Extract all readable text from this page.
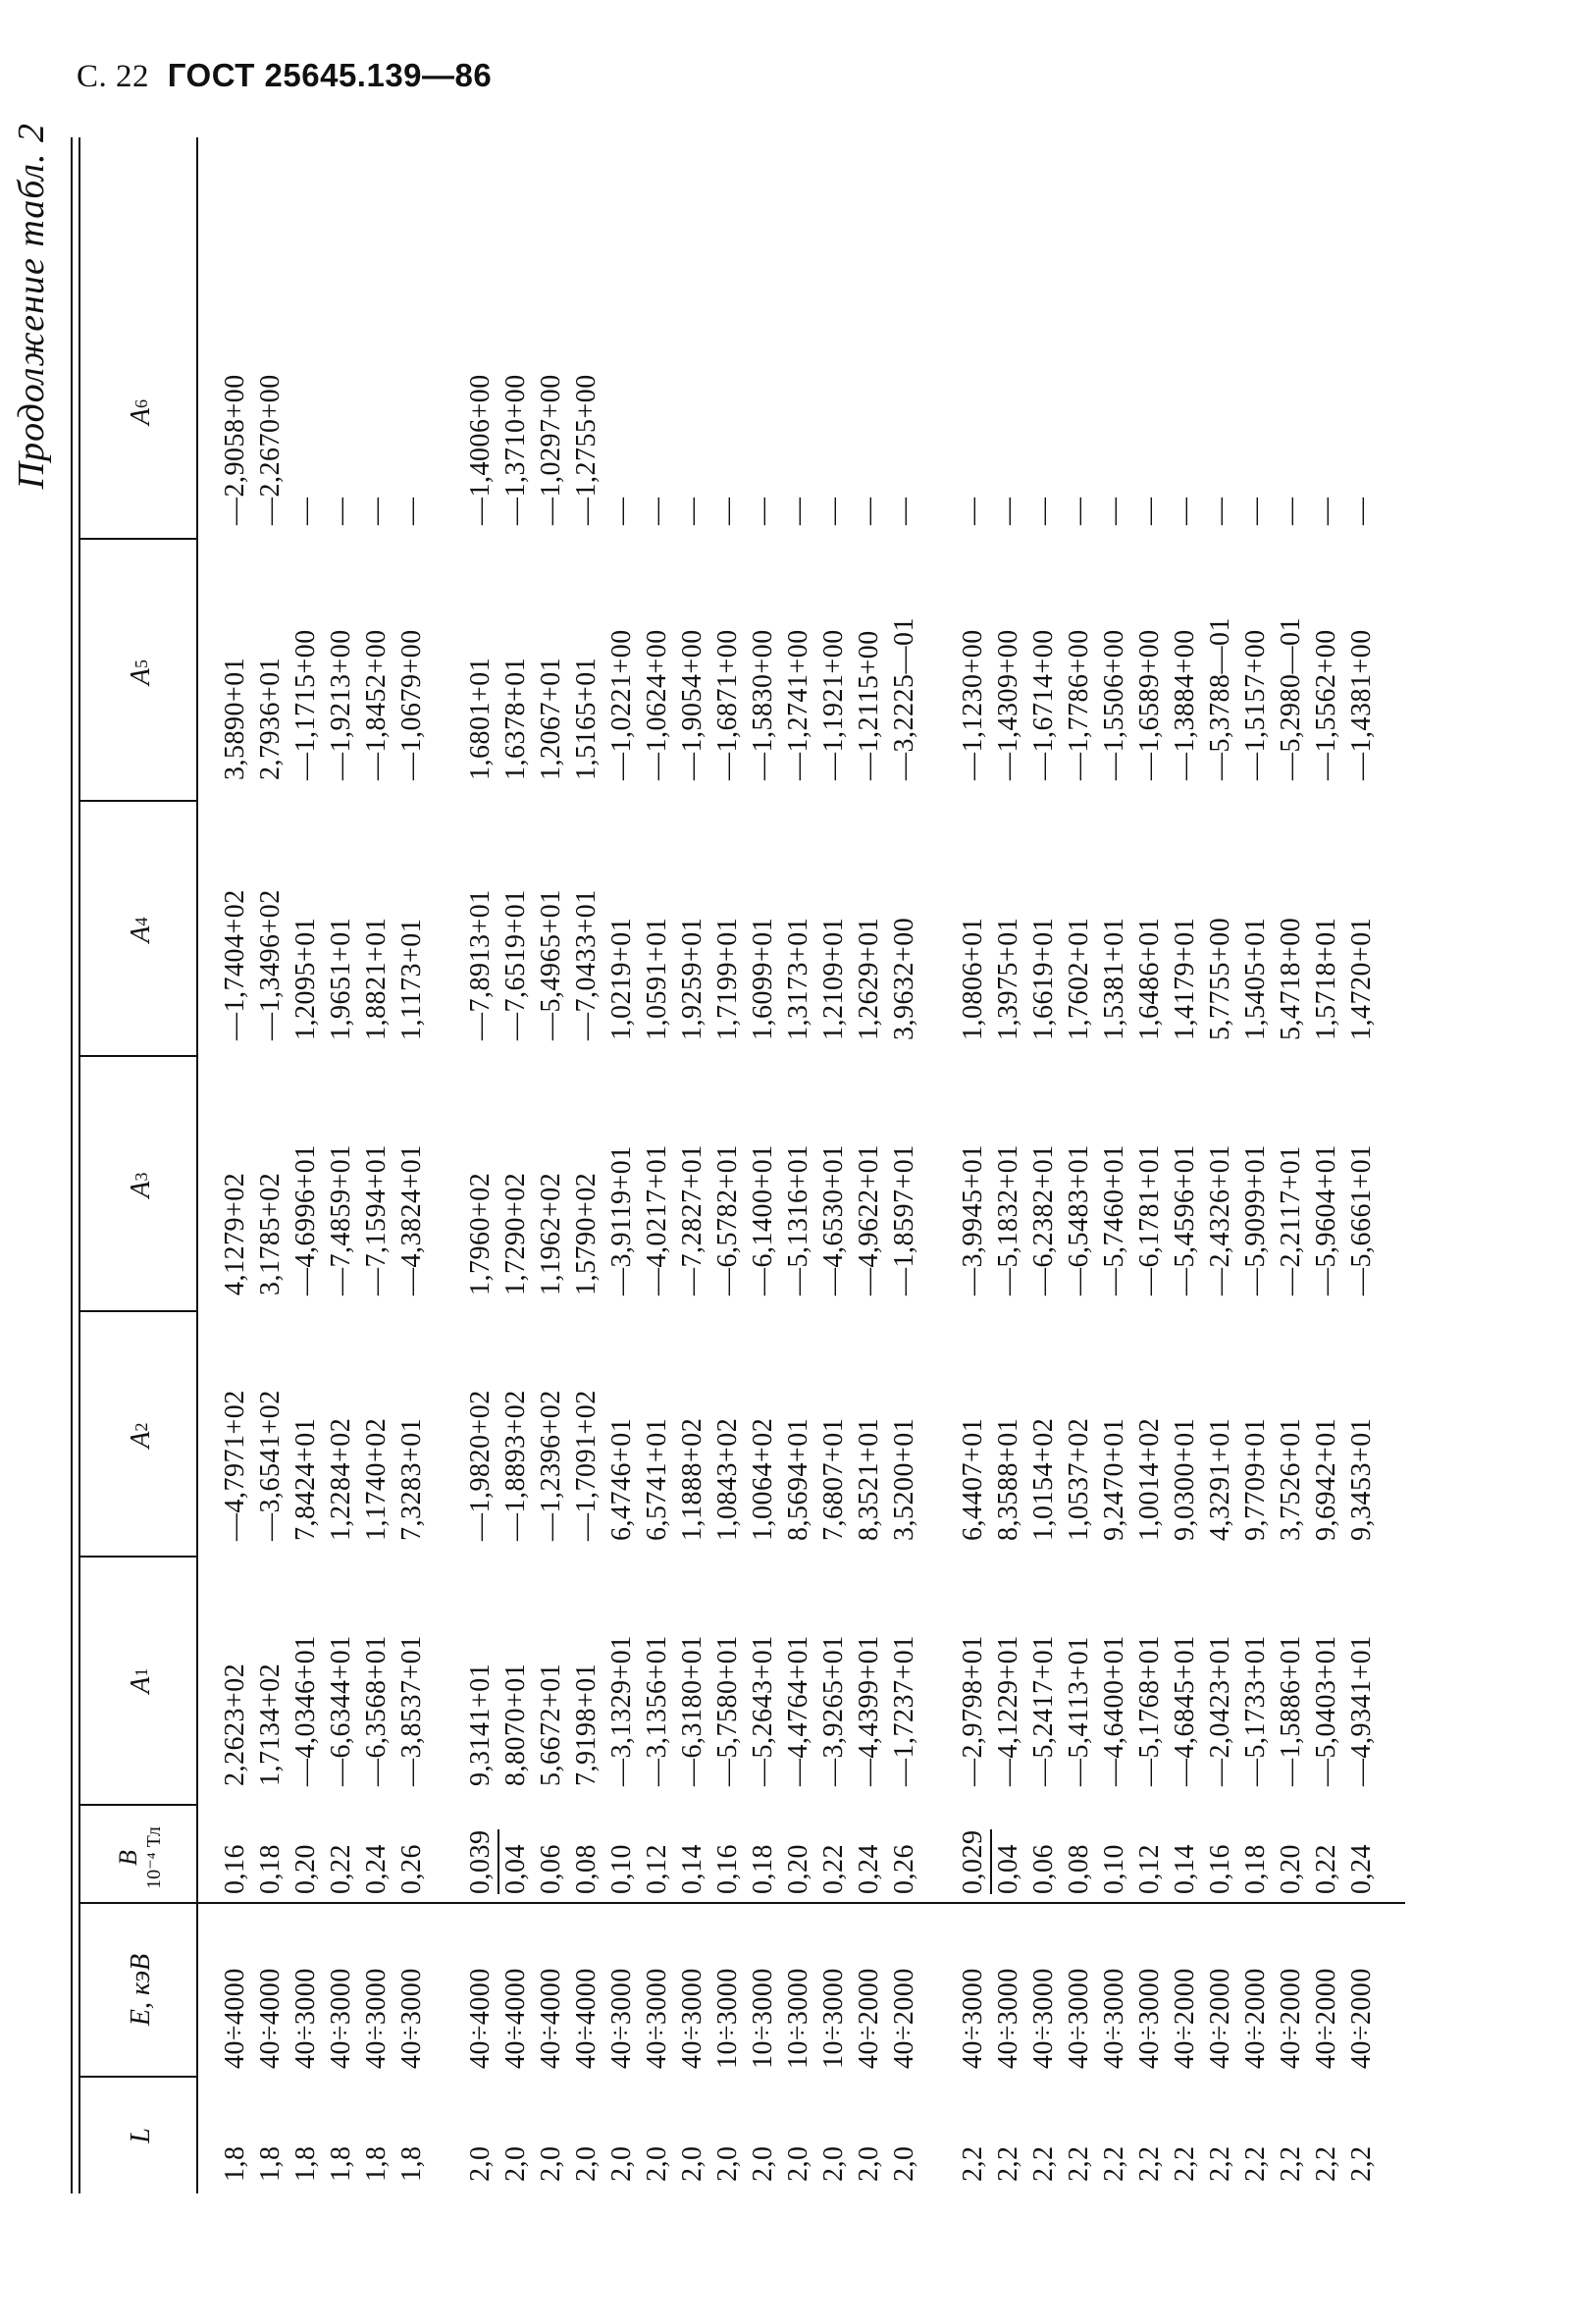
С. 22 ГОСТ 25645.139—86
Продолжение табл. 2
L
E, кэВ
B 10⁻⁴ Тл
A
1
A
2
A
3
A
4
A
5
A
6
1,8
40÷4000
0,16
2,2623+02
—4,7971+02
4,1279+02
—1,7404+02
3,5890+01
—2,9058+00
1,8
40÷4000
0,18
1,7134+02
—3,6541+02
3,1785+02
—1,3496+02
2,7936+01
—2,2670+00
1,8
40÷3000
0,20
—4,0346+01
7,8424+01
—4,6996+01
1,2095+01
—1,1715+00
—
1,8
40÷3000
0,22
—6,6344+01
1,2284+02
—7,4859+01
1,9651+01
—1,9213+00
—
1,8
40÷3000
0,24
—6,3568+01
1,1740+02
—7,1594+01
1,8821+01
—1,8452+00
—
1,8
40÷3000
0,26
—3,8537+01
7,3283+01
—4,3824+01
1,1173+01
—1,0679+00
—
2,0
40÷4000
0,039
9,3141+01
—1,9820+02
1,7960+02
—7,8913+01
1,6801+01
—1,4006+00
2,0
40÷4000
0,04
8,8070+01
—1,8893+02
1,7290+02
—7,6519+01
1,6378+01
—1,3710+00
2,0
40÷4000
0,06
5,6672+01
—1,2396+02
1,1962+02
—5,4965+01
1,2067+01
—1,0297+00
2,0
40÷4000
0,08
7,9198+01
—1,7091+02
1,5790+02
—7,0433+01
1,5165+01
—1,2755+00
2,0
40÷3000
0,10
—3,1329+01
6,4746+01
—3,9119+01
1,0219+01
—1,0221+00
—
2,0
40÷3000
0,12
—3,1356+01
6,5741+01
—4,0217+01
1,0591+01
—1,0624+00
—
2,0
40÷3000
0,14
—6,3180+01
1,1888+02
—7,2827+01
1,9259+01
—1,9054+00
—
2,0
10÷3000
0,16
—5,7580+01
1,0843+02
—6,5782+01
1,7199+01
—1,6871+00
—
2,0
10÷3000
0,18
—5,2643+01
1,0064+02
—6,1400+01
1,6099+01
—1,5830+00
—
2,0
10÷3000
0,20
—4,4764+01
8,5694+01
—5,1316+01
1,3173+01
—1,2741+00
—
2,0
10÷3000
0,22
—3,9265+01
7,6807+01
—4,6530+01
1,2109+01
—1,1921+00
—
2,0
40÷2000
0,24
—4,4399+01
8,3521+01
—4,9622+01
1,2629+01
—1,2115+00
—
2,0
40÷2000
0,26
—1,7237+01
3,5200+01
—1,8597+01
3,9632+00
—3,2225—01
—
2,2
40÷3000
0,029
—2,9798+01
6,4407+01
—3,9945+01
1,0806+01
—1,1230+00
—
2,2
40÷3000
0,04
—4,1229+01
8,3588+01
—5,1832+01
1,3975+01
—1,4309+00
—
2,2
40÷3000
0,06
—5,2417+01
1,0154+02
—6,2382+01
1,6619+01
—1,6714+00
—
2,2
40÷3000
0,08
—5,4113+01
1,0537+02
—6,5483+01
1,7602+01
—1,7786+00
—
2,2
40÷3000
0,10
—4,6400+01
9,2470+01
—5,7460+01
1,5381+01
—1,5506+00
—
2,2
40÷3000
0,12
—5,1768+01
1,0014+02
—6,1781+01
1,6486+01
—1,6589+00
—
2,2
40÷2000
0,14
—4,6845+01
9,0300+01
—5,4596+01
1,4179+01
—1,3884+00
—
2,2
40÷2000
0,16
—2,0423+01
4,3291+01
—2,4326+01
5,7755+00
—5,3788—01
—
2,2
40÷2000
0,18
—5,1733+01
9,7709+01
—5,9099+01
1,5405+01
—1,5157+00
—
2,2
40÷2000
0,20
—1,5886+01
3,7526+01
—2,2117+01
5,4718+00
—5,2980—01
—
2,2
40÷2000
0,22
—5,0403+01
9,6942+01
—5,9604+01
1,5718+01
—1,5562+00
—
2,2
40÷2000
0,24
—4,9341+01
9,3453+01
—5,6661+01
1,4720+01
—1,4381+00
—
